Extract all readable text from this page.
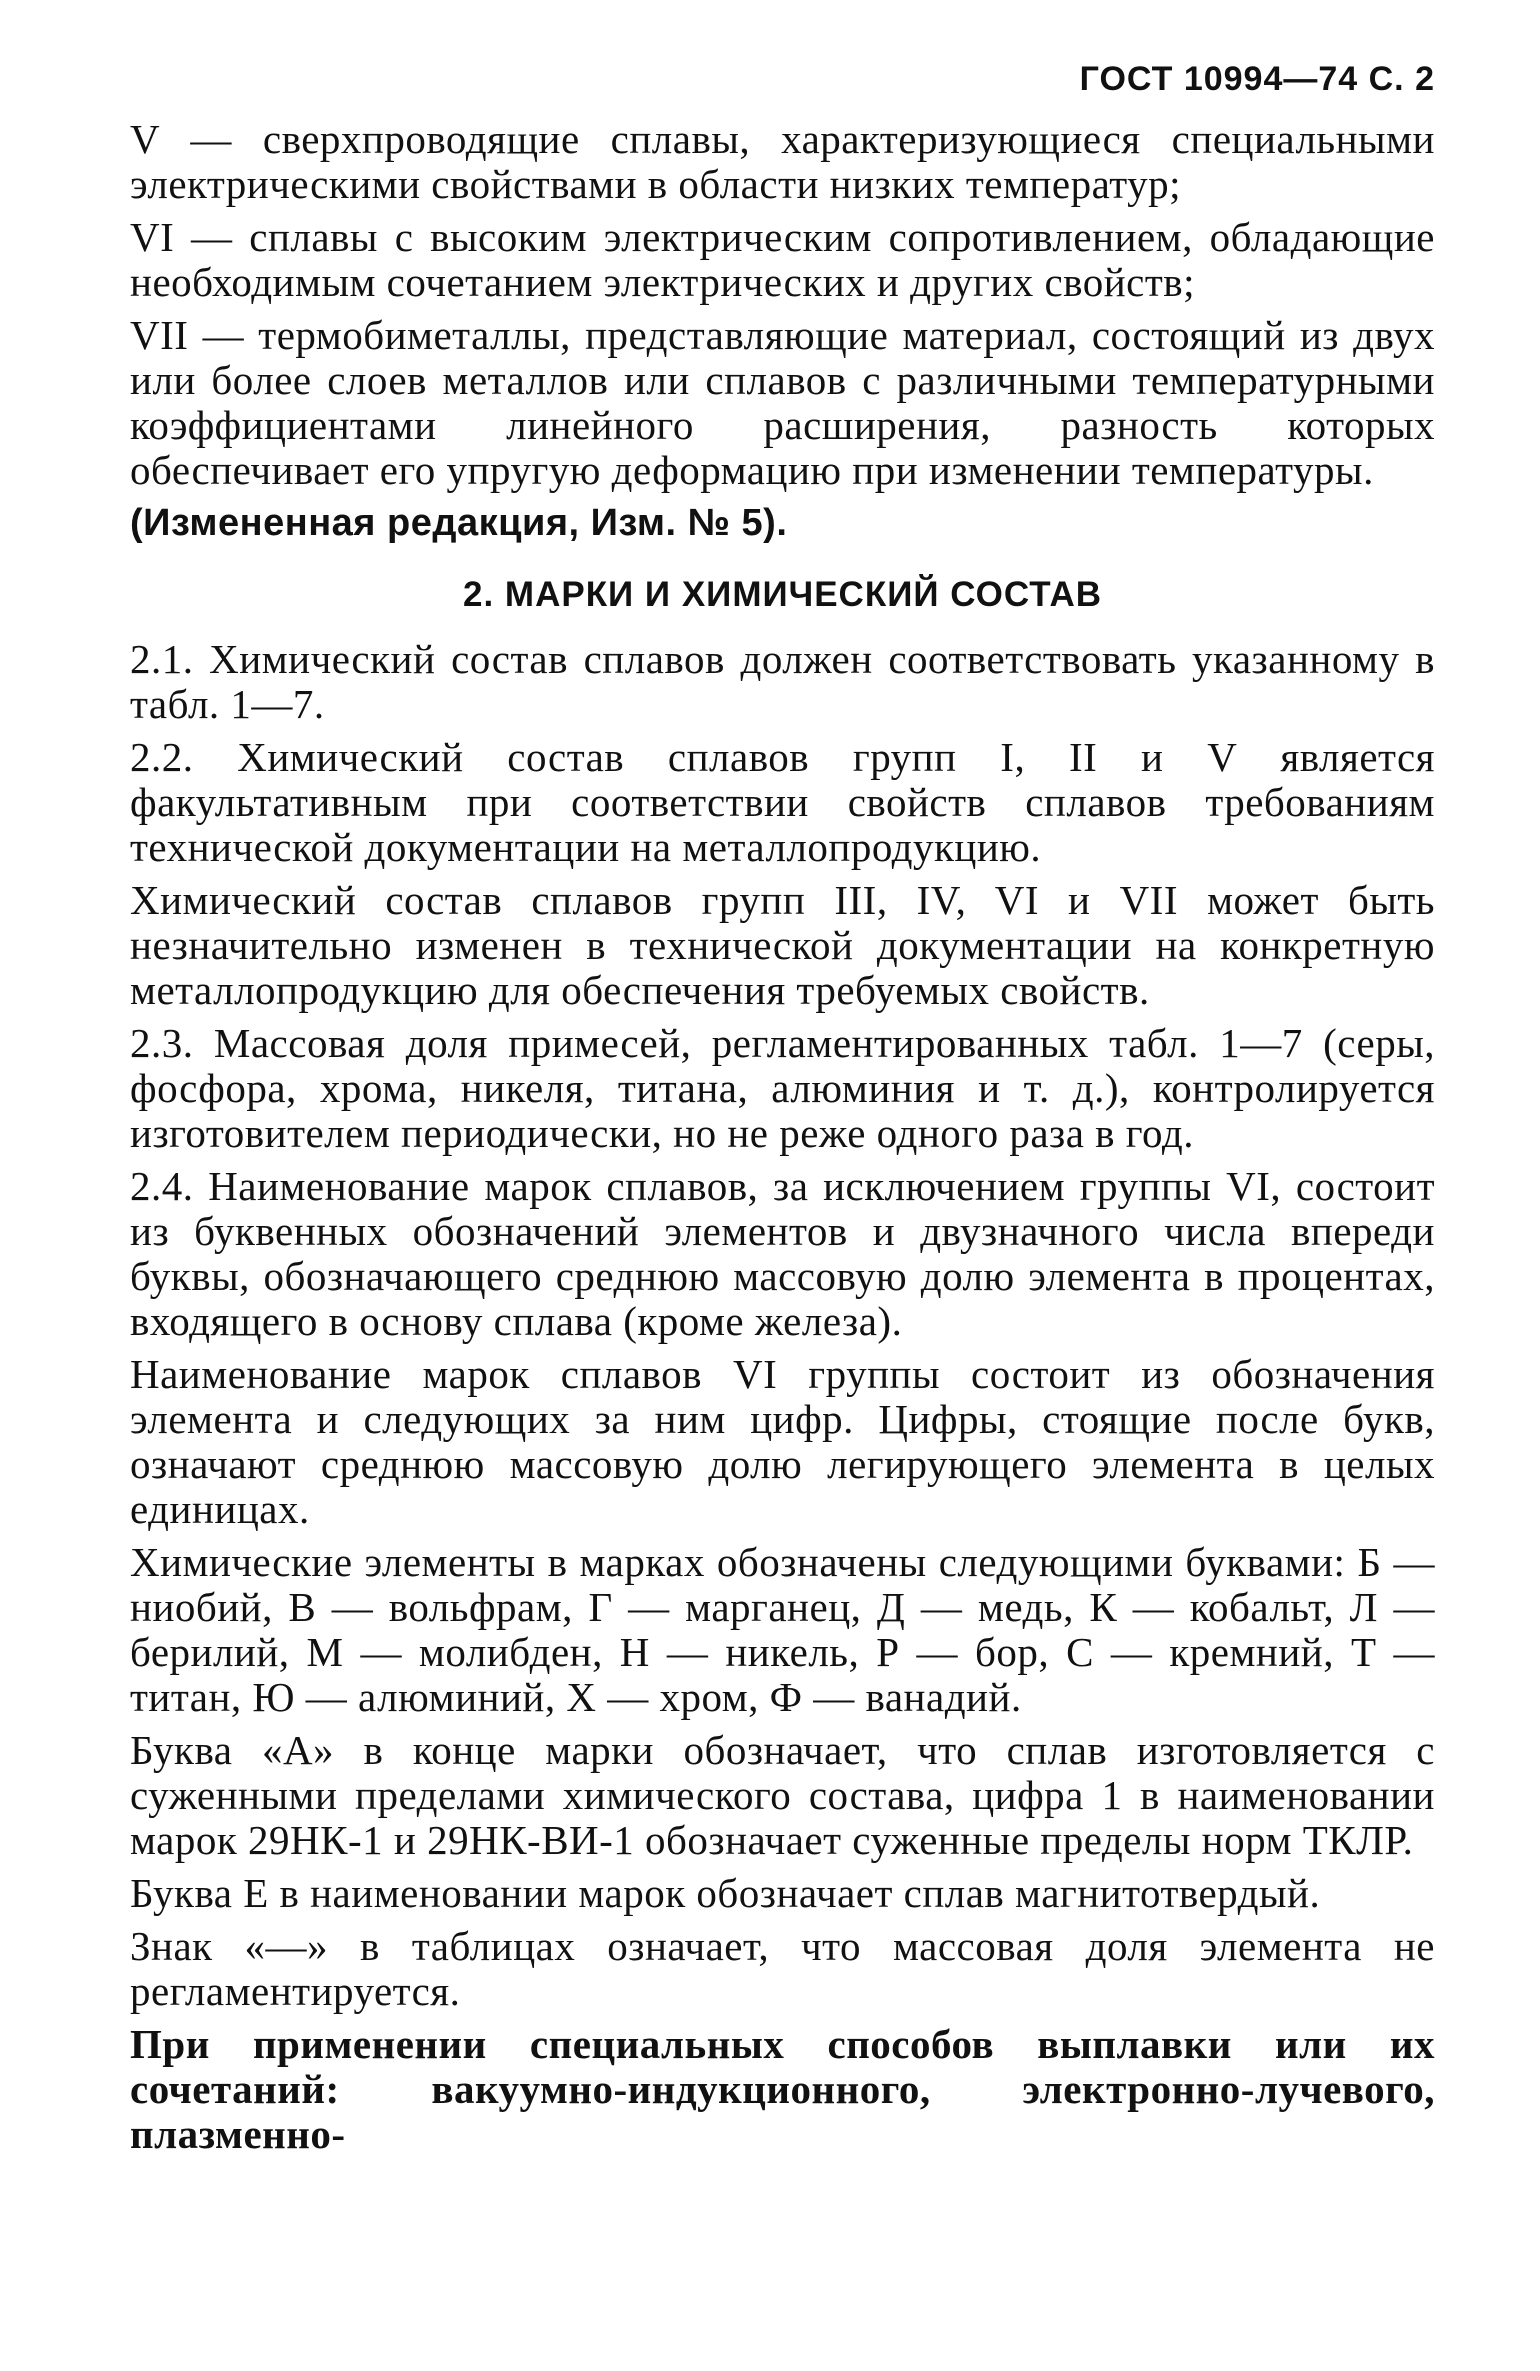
ГОСТ 10994—74 С. 2

V — сверхпроводящие сплавы, характеризующиеся специальными электрическими свойствами в области низких температур;

VI — сплавы с высоким электрическим сопротивлением, обладающие необходимым сочетанием электрических и других свойств;

VII — термобиметаллы, представляющие материал, состоящий из двух или более слоев металлов или сплавов с различными температурными коэффициентами линейного расширения, разность которых обеспечивает его упругую деформацию при изменении температуры.

(Измененная редакция, Изм. № 5).

2. МАРКИ И ХИМИЧЕСКИЙ СОСТАВ

2.1. Химический состав сплавов должен соответствовать указанному в табл. 1—7.

2.2. Химический состав сплавов групп I, II и V является факультативным при соответствии свойств сплавов требованиям технической документации на металлопродукцию.

Химический состав сплавов групп III, IV, VI и VII может быть незначительно изменен в технической документации на конкретную металлопродукцию для обеспечения требуемых свойств.

2.3. Массовая доля примесей, регламентированных табл. 1—7 (серы, фосфора, хрома, никеля, титана, алюминия и т. д.), контролируется изготовителем периодически, но не реже одного раза в год.

2.4. Наименование марок сплавов, за исключением группы VI, состоит из буквенных обозначений элементов и двузначного числа впереди буквы, обозначающего среднюю массовую долю элемента в процентах, входящего в основу сплава (кроме железа).

Наименование марок сплавов VI группы состоит из обозначения элемента и следующих за ним цифр. Цифры, стоящие после букв, означают среднюю массовую долю легирующего элемента в целых единицах.

Химические элементы в марках обозначены следующими буквами: Б — ниобий, В — вольфрам, Г — марганец, Д — медь, К — кобальт, Л — берилий, М — молибден, Н — никель, Р — бор, С — кремний, Т — титан, Ю — алюминий, Х — хром, Ф — ванадий.

Буква «А» в конце марки обозначает, что сплав изготовляется с суженными пределами химического состава, цифра 1 в наименовании марок 29НК-1 и 29НК-ВИ-1 обозначает суженные пределы норм ТКЛР.

Буква Е в наименовании марок обозначает сплав магнитотвердый.

Знак «—» в таблицах означает, что массовая доля элемента не регламентируется.

При применении специальных способов выплавки или их сочетаний: вакуумно-индукционного, электронно-лучевого, плазменно-
